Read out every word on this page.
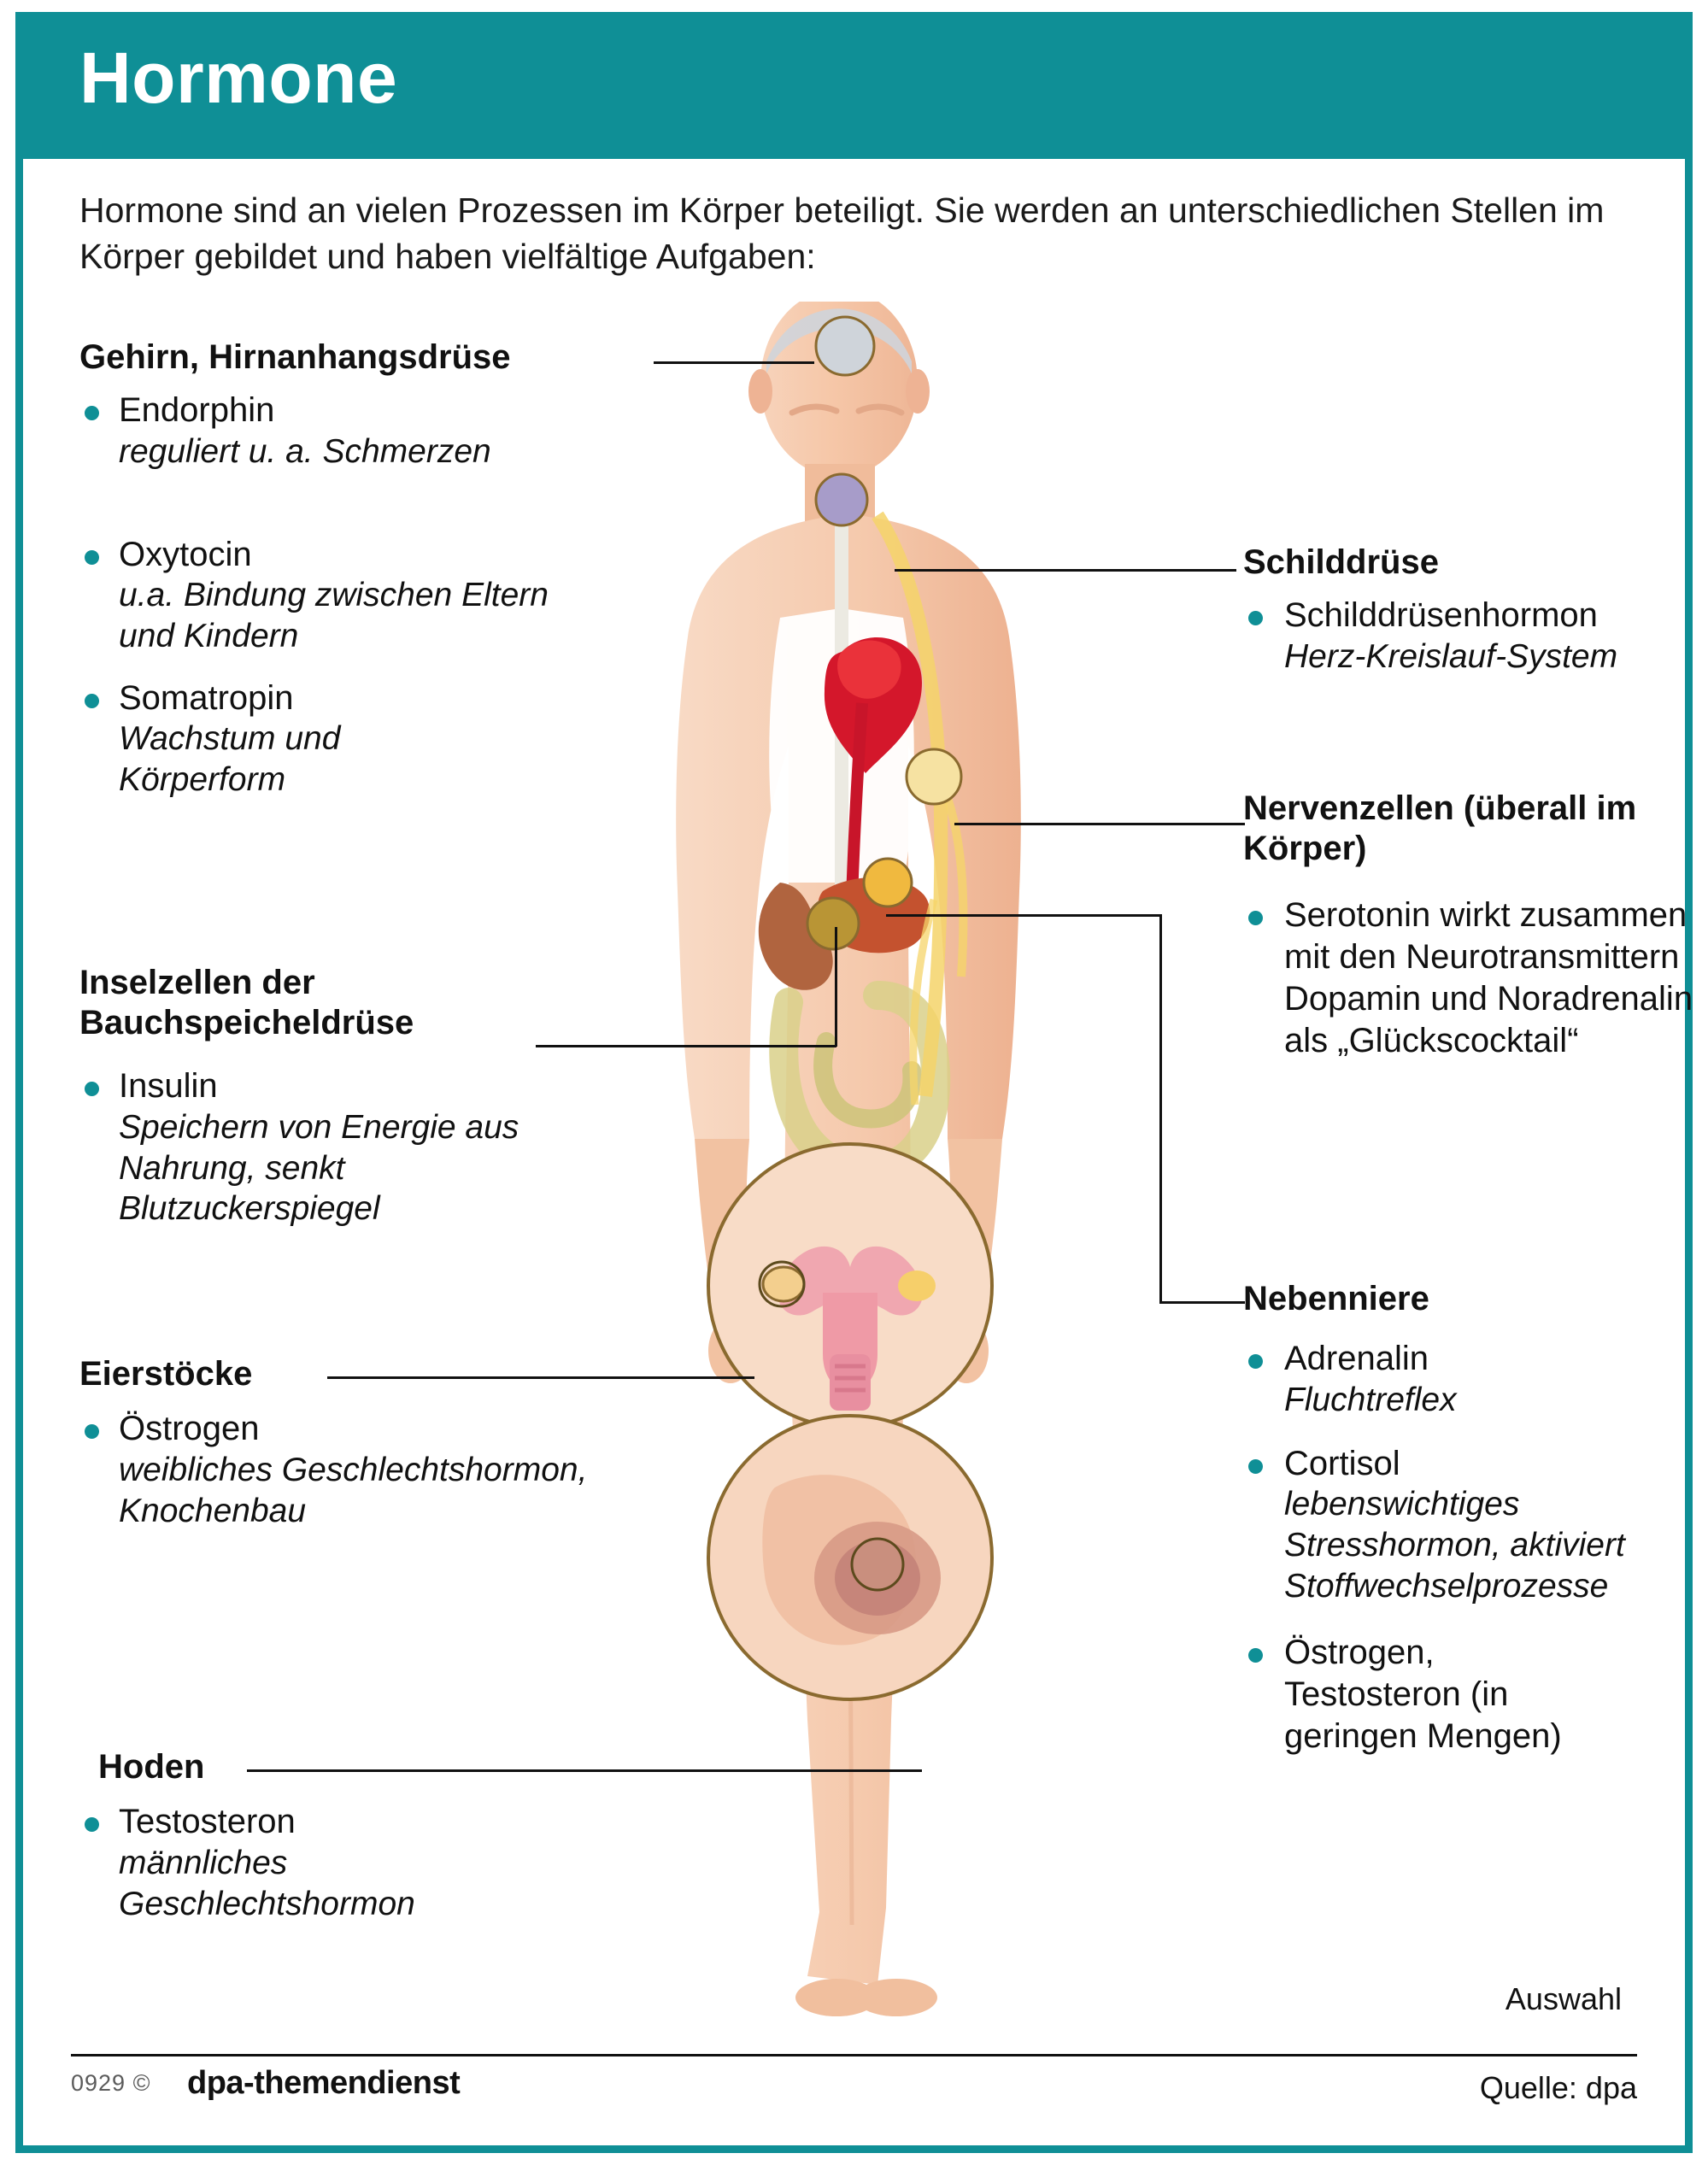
Hormone
Hormone sind an vielen Prozessen im Körper beteiligt. Sie werden an unterschiedlichen Stellen im Körper gebildet und haben vielfältige Aufgaben:
Gehirn, Hirnanhangsdrüse
Endorphin
reguliert u. a. Schmerzen
Oxytocin
u.a. Bindung zwischen Eltern und Kindern
Somatropin
Wachstum und Körperform
Inselzellen der Bauchspeicheldrüse
Insulin
Speichern von Energie aus Nahrung, senkt Blutzuckerspiegel
Eierstöcke
Östrogen
weibliches Geschlechtshormon, Knochenbau
Hoden
Testosteron
männliches Geschlechtshormon
Schilddrüse
Schilddrüsenhormon
Herz-Kreislauf-System
Nervenzellen (überall im Körper)
Serotonin wirkt zusammen mit den Neurotransmittern Dopamin und Noradrenalin als „Glückscocktail“
Nebenniere
Adrenalin
Fluchtreflex
Cortisol
lebenswichtiges Stresshormon, aktiviert Stoffwechselprozesse
Östrogen, Testosteron (in geringen Mengen)
Auswahl
0929 © dpa-themendienst	Quelle: dpa
